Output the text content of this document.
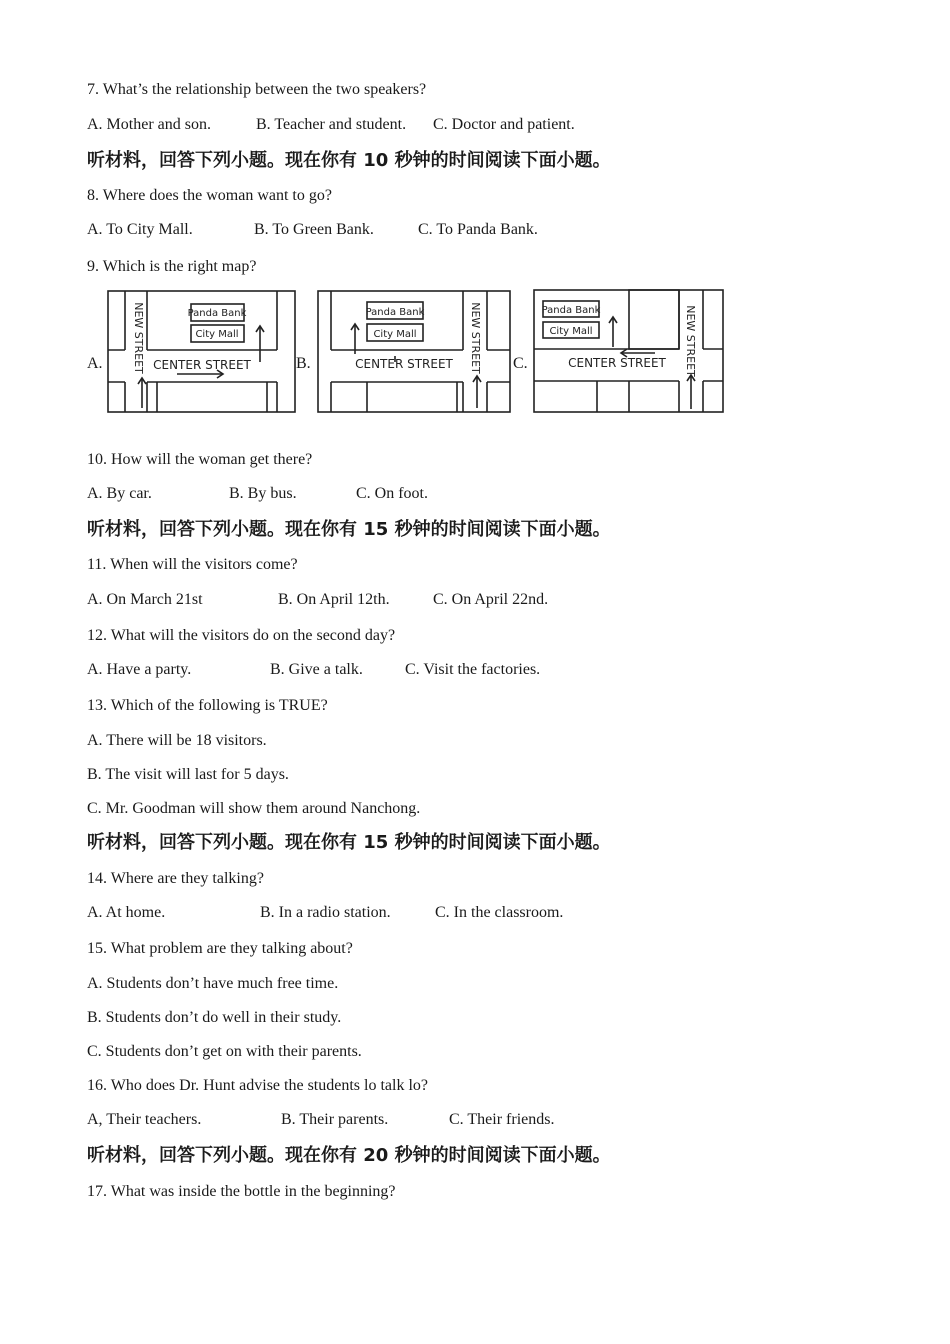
7. What’s the relationship between the two speakers?
A. Mother and son.	B. Teacher and student. C. Doctor and patient.
听材料，回答下列小题。现在你有 10 秒钟的时间阅读下面小题。
8. Where does the woman want to go?
A. To City Mall.	B. To Green Bank.	C. To Panda Bank.
9. Which is the right map?
A.	B.	C.
Panda Bank
City Mall
CENTER STREET
NEW STREET	Panda Bank
City Mall
CENTER STREET NEW STREET	Panda Bank
City Mall
CENTER STREET NEW STREET
10. How will the woman get there?
A. By car.	B. By bus.	C. On foot.
听材料，回答下列小题。现在你有 15 秒钟的时间阅读下面小题。
11. When will the visitors come?
A. On March 21st	B. On April 12th.	C. On April 22nd.
12. What will the visitors do on the second day?
A. Have a party.	B. Give a talk.	C. Visit the factories.
13. Which of the following is TRUE?
A. There will be 18 visitors.
B. The visit will last for 5 days.
C. Mr. Goodman will show them around Nanchong.
听材料，回答下列小题。现在你有 15 秒钟的时间阅读下面小题。
14. Where are they talking?
A. At home.	B. In a radio station.	C. In the classroom.
15. What problem are they talking about?
A. Students don’t have much free time.
B. Students don’t do well in their study.
C. Students don’t get on with their parents.
16. Who does Dr. Hunt advise the students lo talk lo?
A, Their teachers.	B. Their parents.	C. Their friends.
听材料，回答下列小题。现在你有 20 秒钟的时间阅读下面小题。
17. What was inside the bottle in the beginning?
